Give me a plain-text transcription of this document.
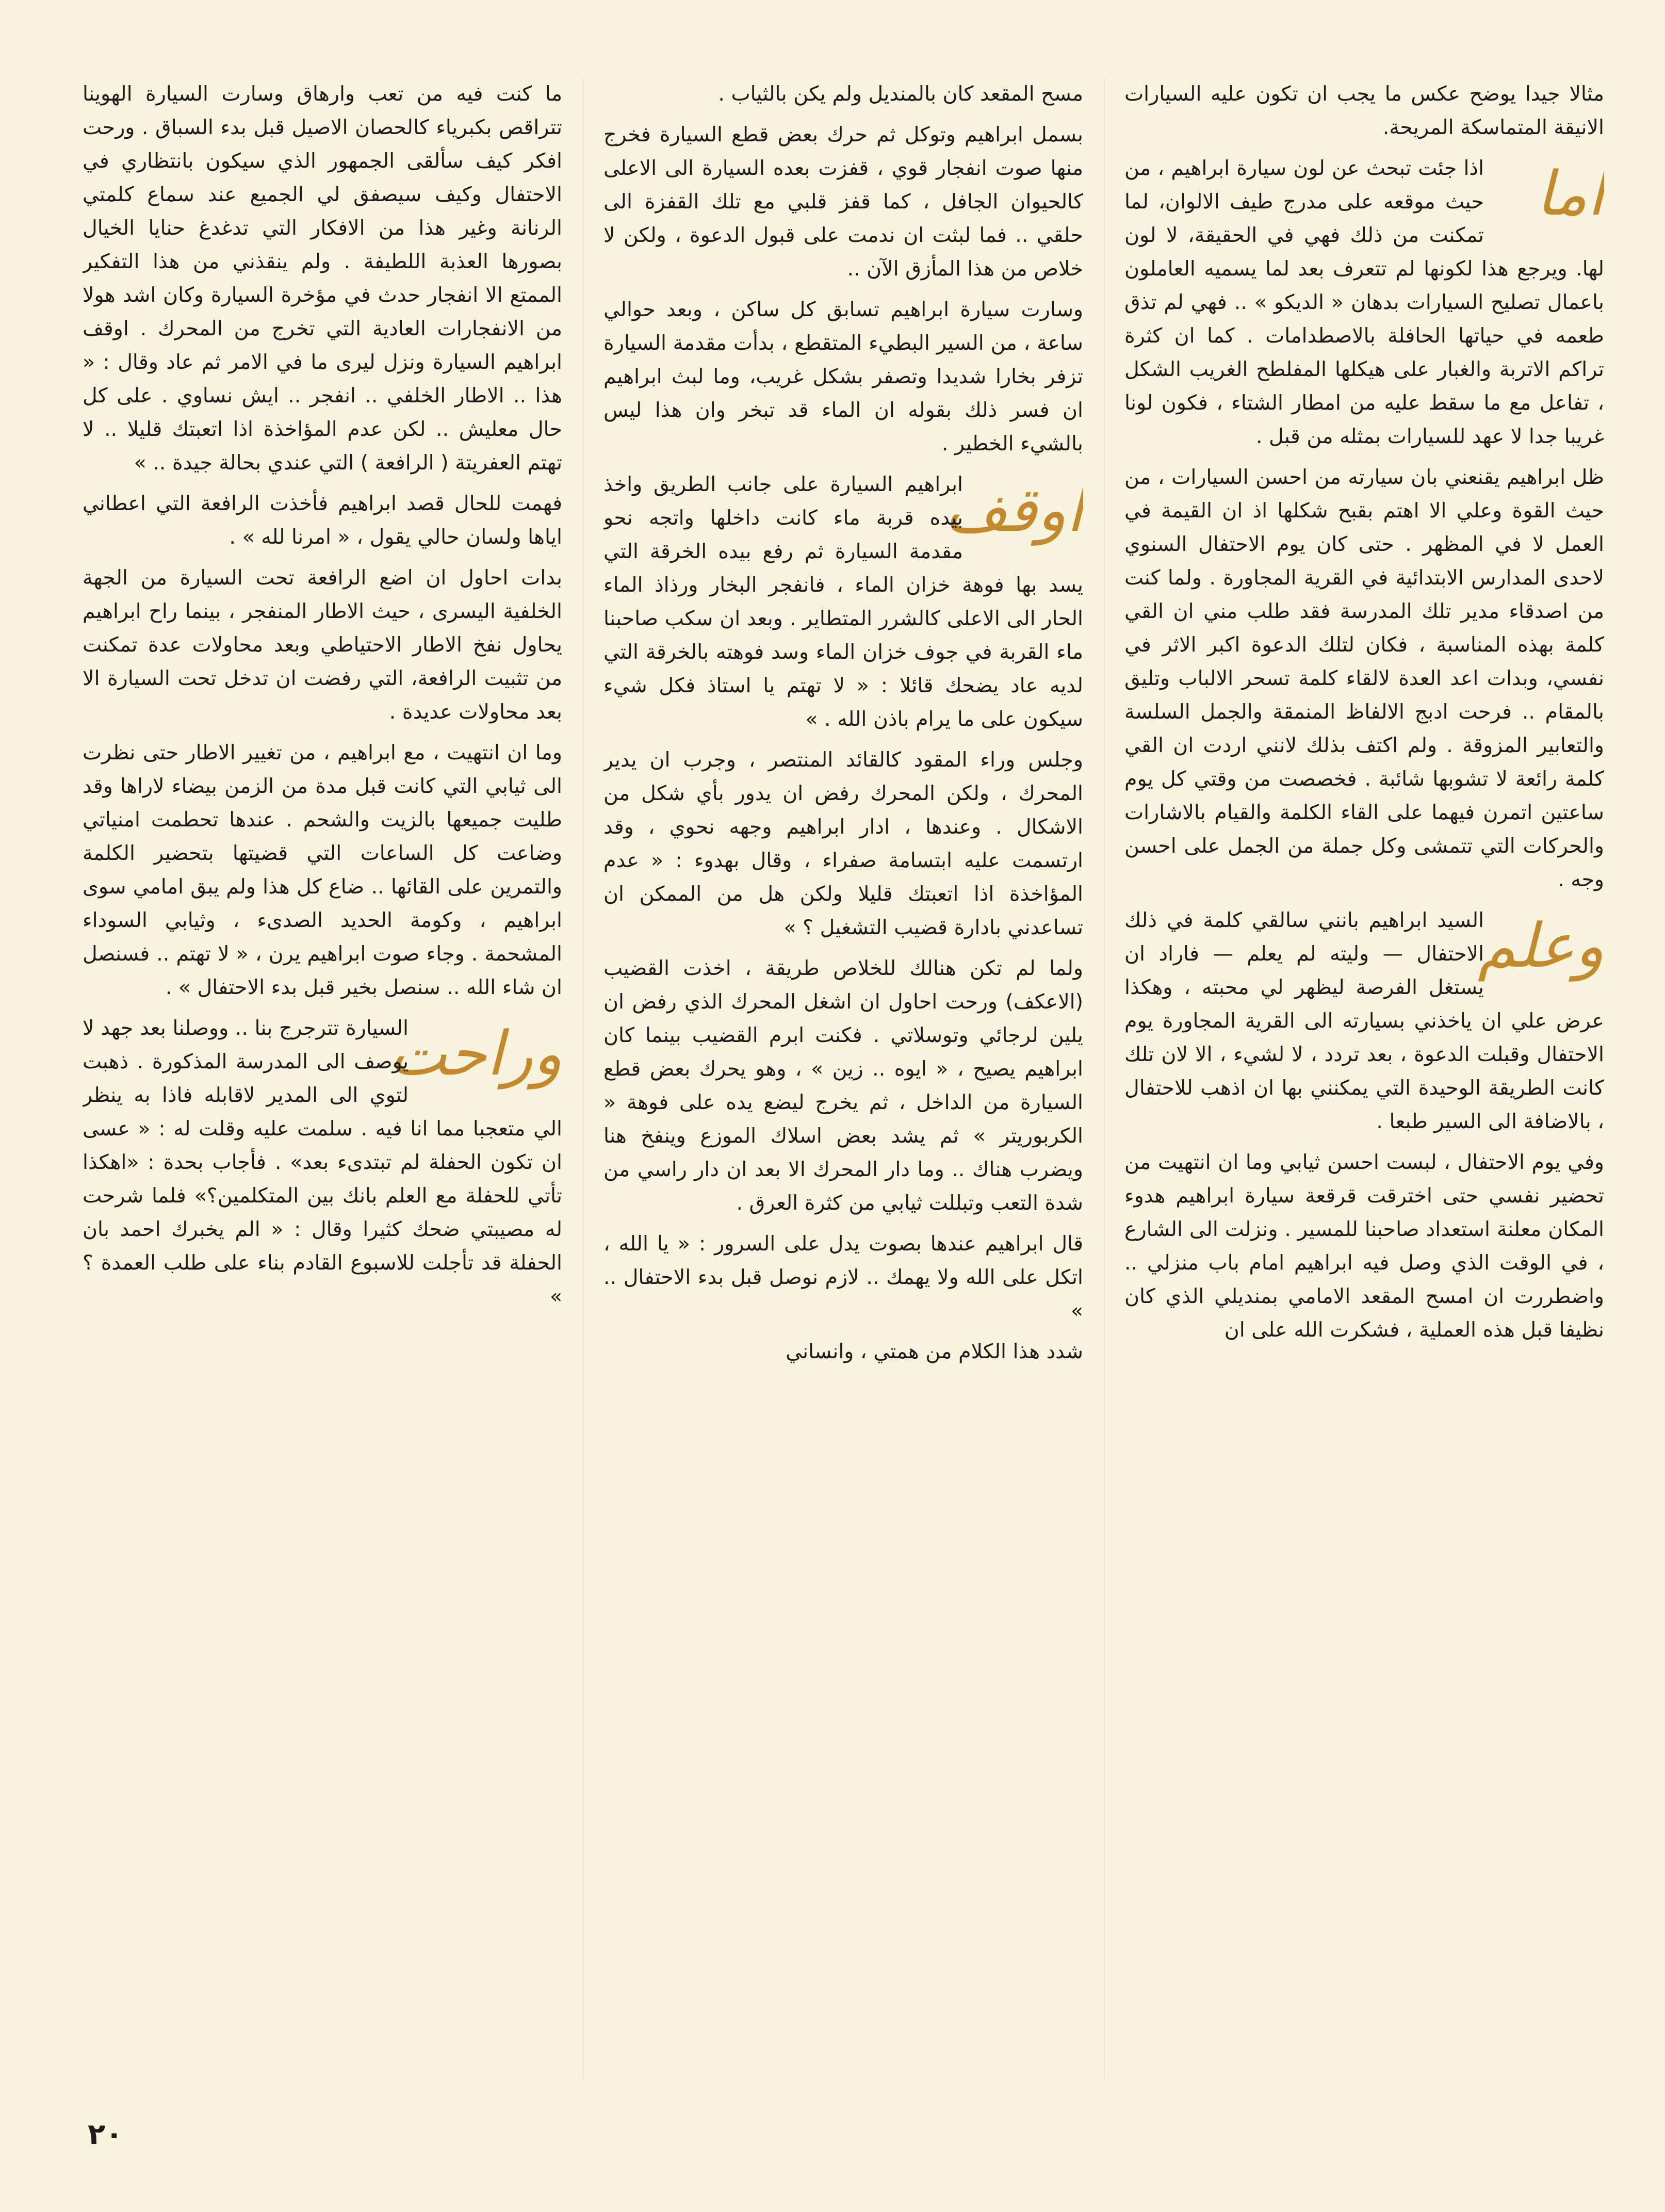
مثالا جيدا يوضح عكس ما يجب ان تكون عليه السيارات الانيقة المتماسكة المريحة.

اما
اذا جئت تبحث عن لون سيارة ابراهيم ، من حيث موقعه على مدرج طيف الالوان، لما تمكنت من ذلك فهي في الحقيقة، لا لون لها. ويرجع هذا لكونها لم تتعرف بعد لما يسميه العاملون باعمال تصليح السيارات بدهان « الديكو » .. فهي لم تذق طعمه في حياتها الحافلة بالاصطدامات . كما ان كثرة تراكم الاتربة والغبار على هيكلها المفلطح الغريب الشكل ، تفاعل مع ما سقط عليه من امطار الشتاء ، فكون لونا غريبا جدا لا عهد للسيارات بمثله من قبل .

ظل ابراهيم يقنعني بان سيارته من احسن السيارات ، من حيث القوة وعلي الا اهتم بقبح شكلها اذ ان القيمة في العمل لا في المظهر . حتى كان يوم الاحتفال السنوي لاحدى المدارس الابتدائية في القرية المجاورة . ولما كنت من اصدقاء مدير تلك المدرسة فقد طلب مني ان القي كلمة بهذه المناسبة ، فكان لتلك الدعوة اكبر الاثر في نفسي، وبدات اعد العدة لالقاء كلمة تسحر الالباب وتليق بالمقام .. فرحت ادبج الالفاظ المنمقة والجمل السلسة والتعابير المزوقة . ولم اكتف بذلك لانني اردت ان القي كلمة رائعة لا تشوبها شائبة . فخصصت من وقتي كل يوم ساعتين اتمرن فيهما على القاء الكلمة والقيام بالاشارات والحركات التي تتمشى وكل جملة من الجمل على احسن وجه .

وعلم
السيد ابراهيم بانني سالقي كلمة في ذلك الاحتفال — وليته لم يعلم — فاراد ان يستغل الفرصة ليظهر لي محبته ، وهكذا عرض علي ان ياخذني بسيارته الى القرية المجاورة يوم الاحتفال وقبلت الدعوة ، بعد تردد ، لا لشيء ، الا لان تلك كانت الطريقة الوحيدة التي يمكنني بها ان اذهب للاحتفال ، بالاضافة الى السير طبعا .

وفي يوم الاحتفال ، لبست احسن ثيابي وما ان انتهيت من تحضير نفسي حتى اخترقت قرقعة سيارة ابراهيم هدوء المكان معلنة استعداد صاحبنا للمسير . ونزلت الى الشارع ، في الوقت الذي وصل فيه ابراهيم امام باب منزلي .. واضطررت ان امسح المقعد الامامي بمنديلي الذي كان نظيفا قبل هذه العملية ، فشكرت الله على ان

مسح المقعد كان بالمنديل ولم يكن بالثياب .

بسمل ابراهيم وتوكل ثم حرك بعض قطع السيارة فخرج منها صوت انفجار قوي ، قفزت بعده السيارة الى الاعلى كالحيوان الجافل ، كما قفز قلبي مع تلك القفزة الى حلقي .. فما لبثت ان ندمت على قبول الدعوة ، ولكن لا خلاص من هذا المأزق الآن ..

وسارت سيارة ابراهيم تسابق كل ساكن ، وبعد حوالي ساعة ، من السير البطيء المتقطع ، بدأت مقدمة السيارة تزفر بخارا شديدا وتصفر بشكل غريب، وما لبث ابراهيم ان فسر ذلك بقوله ان الماء قد تبخر وان هذا ليس بالشيء الخطير .

اوقف
ابراهيم السيارة على جانب الطريق واخذ بيده قربة ماء كانت داخلها واتجه نحو مقدمة السيارة ثم رفع بيده الخرقة التي يسد بها فوهة خزان الماء ، فانفجر البخار ورذاذ الماء الحار الى الاعلى كالشرر المتطاير . وبعد ان سكب صاحبنا ماء القربة في جوف خزان الماء وسد فوهته بالخرقة التي لديه عاد يضحك قائلا : « لا تهتم يا استاذ فكل شيء سيكون على ما يرام باذن الله . »

وجلس وراء المقود كالقائد المنتصر ، وجرب ان يدير المحرك ، ولكن المحرك رفض ان يدور بأي شكل من الاشكال . وعندها ، ادار ابراهيم وجهه نحوي ، وقد ارتسمت عليه ابتسامة صفراء ، وقال بهدوء : « عدم المؤاخذة اذا اتعبتك قليلا ولكن هل من الممكن ان تساعدني بادارة قضيب التشغيل ؟ »

ولما لم تكن هنالك للخلاص طريقة ، اخذت القضيب (الاعكف) ورحت احاول ان اشغل المحرك الذي رفض ان يلين لرجائي وتوسلاتي . فكنت ابرم القضيب بينما كان ابراهيم يصيح ، « ايوه .. زين » ، وهو يحرك بعض قطع السيارة من الداخل ، ثم يخرج ليضع يده على فوهة « الكربوريتر » ثم يشد بعض اسلاك الموزع وينفخ هنا ويضرب هناك .. وما دار المحرك الا بعد ان دار راسي من شدة التعب وتبللت ثيابي من كثرة العرق .

قال ابراهيم عندها بصوت يدل على السرور : « يا الله ، اتكل على الله ولا يهمك .. لازم نوصل قبل بدء الاحتفال .. »

شدد هذا الكلام من همتي ، وانساني

ما كنت فيه من تعب وارهاق وسارت السيارة الهوينا تتراقص بكبرياء كالحصان الاصيل قبل بدء السباق . ورحت افكر كيف سألقى الجمهور الذي سيكون بانتظاري في الاحتفال وكيف سيصفق لي الجميع عند سماع كلمتي الرنانة وغير هذا من الافكار التي تدغدغ حنايا الخيال بصورها العذبة اللطيفة . ولم ينقذني من هذا التفكير الممتع الا انفجار حدث في مؤخرة السيارة وكان اشد هولا من الانفجارات العادية التي تخرج من المحرك . اوقف ابراهيم السيارة ونزل ليرى ما في الامر ثم عاد وقال : « هذا .. الاطار الخلفي .. انفجر .. ايش نساوي . على كل حال معليش .. لكن عدم المؤاخذة اذا اتعبتك قليلا .. لا تهتم العفريتة ( الرافعة ) التي عندي بحالة جيدة .. »

فهمت للحال قصد ابراهيم فأخذت الرافعة التي اعطاني اياها ولسان حالي يقول ، « امرنا لله » .

بدات احاول ان اضع الرافعة تحت السيارة من الجهة الخلفية اليسرى ، حيث الاطار المنفجر ، بينما راح ابراهيم يحاول نفخ الاطار الاحتياطي وبعد محاولات عدة تمكنت من تثبيت الرافعة، التي رفضت ان تدخل تحت السيارة الا بعد محاولات عديدة .

وما ان انتهيت ، مع ابراهيم ، من تغيير الاطار حتى نظرت الى ثيابي التي كانت قبل مدة من الزمن بيضاء لاراها وقد طليت جميعها بالزيت والشحم . عندها تحطمت امنياتي وضاعت كل الساعات التي قضيتها بتحضير الكلمة والتمرين على القائها .. ضاع كل هذا ولم يبق امامي سوى ابراهيم ، وكومة الحديد الصدىء ، وثيابي السوداء المشحمة . وجاء صوت ابراهيم يرن ، « لا تهتم .. فسنصل ان شاء الله .. سنصل بخير قبل بدء الاحتفال » .

وراحت
السيارة تترجرج بنا .. ووصلنا بعد جهد لا يوصف الى المدرسة المذكورة . ذهبت لتوي الى المدير لاقابله فاذا به ينظر الي متعجبا مما انا فيه . سلمت عليه وقلت له : « عسى ان تكون الحفلة لم تبتدىء بعد» . فأجاب بحدة : «اهكذا تأتي للحفلة مع العلم بانك بين المتكلمين؟» فلما شرحت له مصيبتي ضحك كثيرا وقال : « الم يخبرك احمد بان الحفلة قد تأجلت للاسبوع القادم بناء على طلب العمدة ؟ »

٢٠
